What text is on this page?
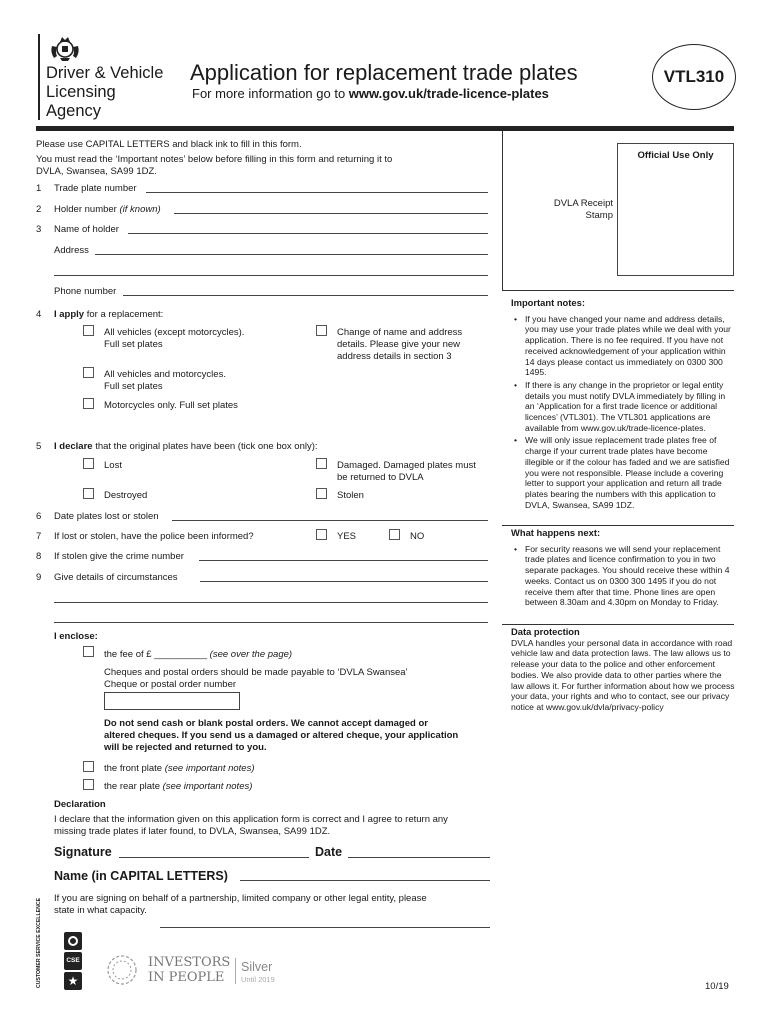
Driver & Vehicle
Licensing
Agency
Application for replacement trade plates
For more information go to www.gov.uk/trade-licence-plates
VTL310
Official Use Only
DVLA Receipt
Stamp
Please use CAPITAL LETTERS and black ink to fill in this form.
You must read the ‘Important notes’ below before filling in this form and returning it to
DVLA, Swansea, SA99 1DZ.
1 Trade plate number
2 Holder number (if known)
3 Name of holder
Address
Phone number
4 I apply for a replacement:
All vehicles (except motorcycles).
Full set plates
Change of name and address
details. Please give your new
address details in section 3
All vehicles and motorcycles.
Full set plates
Motorcycles only. Full set plates
5 I declare that the original plates have been (tick one box only):
Lost	Damaged. Damaged plates must
be returned to DVLA
Destroyed	Stolen
6 Date plates lost or stolen
7 If lost or stolen, have the police been informed?	YES	NO
8 If stolen give the crime number
9 Give details of circumstances
I enclose:
the fee of £ __________ (see over the page)
Cheques and postal orders should be made payable to ‘DVLA Swansea’
Cheque or postal order number
Do not send cash or blank postal orders. We cannot accept damaged or
altered cheques. If you send us a damaged or altered cheque, your application
will be rejected and returned to you.
the front plate (see important notes)
the rear plate (see important notes)
Declaration
I declare that the information given on this application form is correct and I agree to return any
missing trade plates if later found, to DVLA, Swansea, SA99 1DZ.
Signature	Date
Name (in CAPITAL LETTERS)
If you are signing on behalf of a partnership, limited company or other legal entity, please
state in what capacity.
Important notes:
• If you have changed your name and address details, you may use your trade plates while we deal with your application. There is no fee required. If you have not received acknowledgement of your application within 14 days please contact us immediately on 0300 300 1495.
• If there is any change in the proprietor or legal entity details you must notify DVLA immediately by filling in an ‘Application for a first trade licence or additional licences’ (VTL301). The VTL301 applications are available from www.gov.uk/trade-licence-plates.
• We will only issue replacement trade plates free of charge if your current trade plates have become illegible or if the colour has faded and we are satisfied you were not responsible. Please include a covering letter to support your application and return all trade plates bearing the numbers with this application to DVLA, Swansea, SA99 1DZ.
What happens next:
• For security reasons we will send your replacement trade plates and licence confirmation to you in two separate packages. You should receive these within 4 weeks. Contact us on 0300 300 1495 if you do not receive them after that time. Phone lines are open between 8.30am and 4.30pm on Monday to Friday.
Data protection
DVLA handles your personal data in accordance with road vehicle law and data protection laws. The law allows us to release your data to the police and other enforcement bodies. We also provide data to other parties where the law allows it. For further information about how we process your data, your rights and who to contact, see our privacy notice at www.gov.uk/dvla/privacy-policy
CUSTOMER SERVICE EXCELLENCE	CSE
★
INVESTORS
IN PEOPLE
Silver
Until 2019
10/19
